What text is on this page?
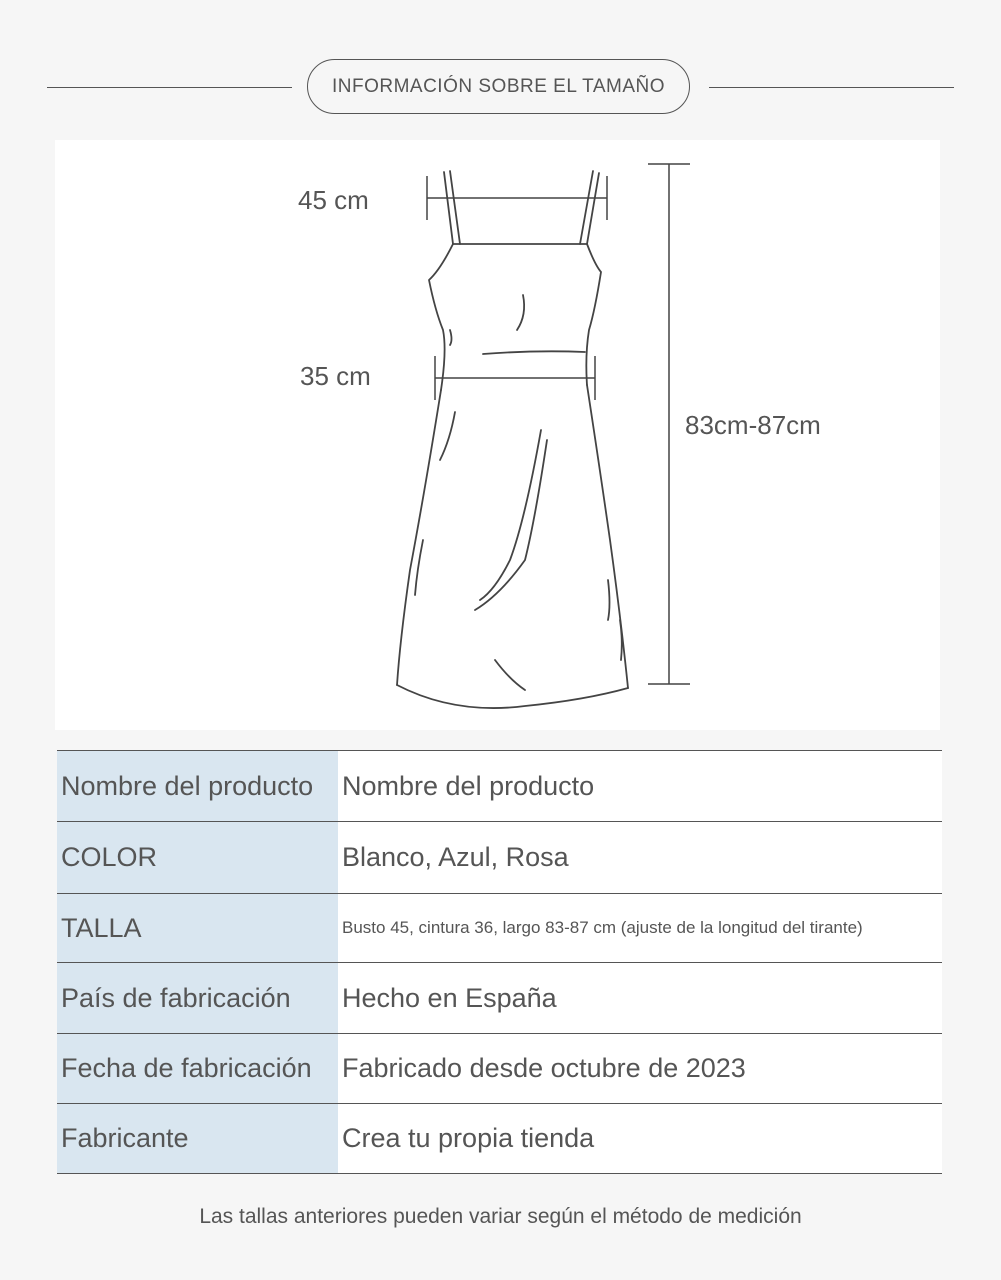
INFORMACIÓN SOBRE EL TAMAÑO
45 cm
35 cm
83cm-87cm
Nombre del producto	Nombre del producto
COLOR	Blanco, Azul, Rosa
TALLA	Busto 45, cintura 36, largo 83-87 cm (ajuste de la longitud del tirante)
País de fabricación	Hecho en España
Fecha de fabricación	Fabricado desde octubre de 2023
Fabricante	Crea tu propia tienda
Las tallas anteriores pueden variar según el método de medición
